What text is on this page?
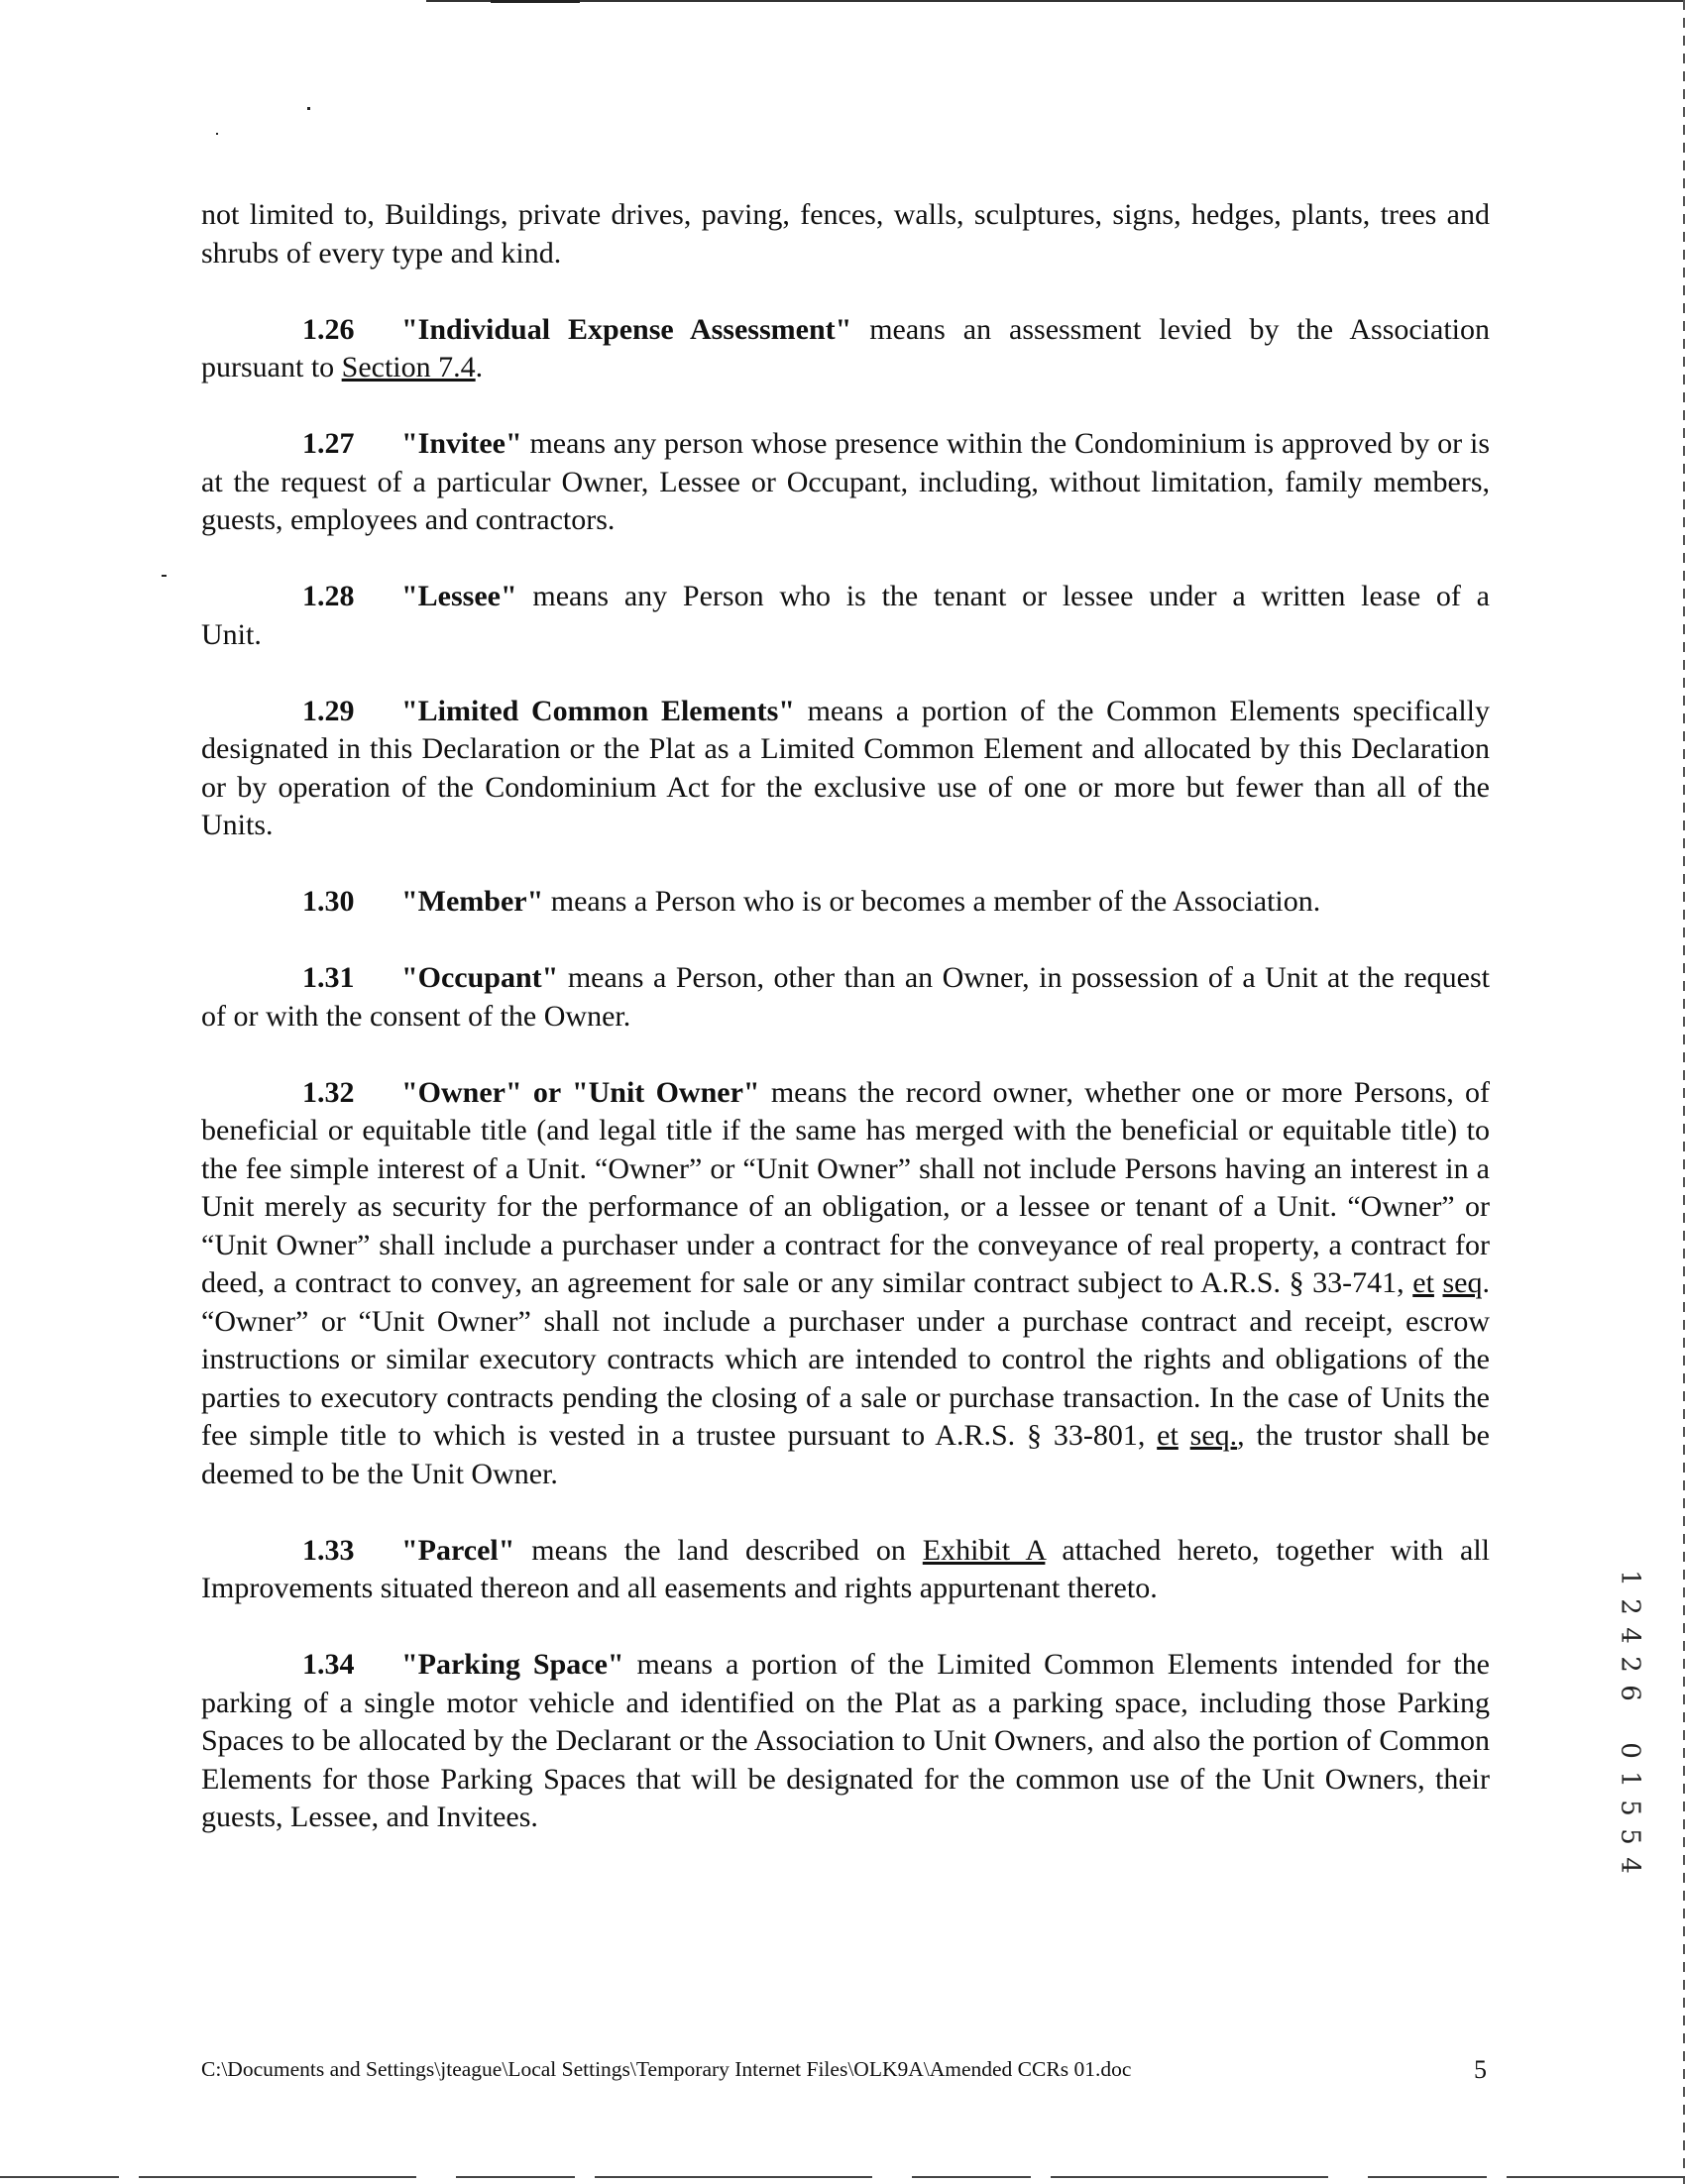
not limited to, Buildings, private drives, paving, fences, walls, sculptures, signs, hedges, plants, trees and shrubs of every type and kind.

1.26 "Individual Expense Assessment" means an assessment levied by the Association pursuant to Section 7.4.

1.27 "Invitee" means any person whose presence within the Condominium is approved by or is at the request of a particular Owner, Lessee or Occupant, including, without limitation, family members, guests, employees and contractors.

1.28 "Lessee" means any Person who is the tenant or lessee under a written lease of a
Unit.

1.29 "Limited Common Elements" means a portion of the Common Elements specifically designated in this Declaration or the Plat as a Limited Common Element and allocated by this Declaration or by operation of the Condominium Act for the exclusive use of one or more but fewer than all of the Units.

1.30 "Member" means a Person who is or becomes a member of the Association.

1.31 "Occupant" means a Person, other than an Owner, in possession of a Unit at the request of or with the consent of the Owner.

1.32 "Owner" or "Unit Owner" means the record owner, whether one or more Persons, of beneficial or equitable title (and legal title if the same has merged with the beneficial or equitable title) to the fee simple interest of a Unit. “Owner” or “Unit Owner” shall not include Persons having an interest in a Unit merely as security for the performance of an obligation, or a lessee or tenant of a Unit. “Owner” or “Unit Owner” shall include a purchaser under a contract for the conveyance of real property, a contract for deed, a contract to convey, an agreement for sale or any similar contract subject to A.R.S. § 33-741, et seq. “Owner” or “Unit Owner” shall not include a purchaser under a purchase contract and receipt, escrow instructions or similar executory contracts which are intended to control the rights and obligations of the parties to executory contracts pending the closing of a sale or purchase transaction. In the case of Units the fee simple title to which is vested in a trustee pursuant to A.R.S. § 33-801, et seq., the trustor shall be deemed to be the Unit Owner.

1.33 "Parcel" means the land described on Exhibit A attached hereto, together with all Improvements situated thereon and all easements and rights appurtenant thereto.

1.34 "Parking Space" means a portion of the Limited Common Elements intended for the parking of a single motor vehicle and identified on the Plat as a parking space, including those Parking Spaces to be allocated by the Declarant or the Association to Unit Owners, and also the portion of Common Elements for those Parking Spaces that will be designated for the common use of the Unit Owners, their guests, Lessee, and Invitees.

1
2
4
2
6

0
1
5
5
4
C:\Documents and Settings\jteague\Local Settings\Temporary Internet Files\OLK9A\Amended CCRs 01.doc	5
